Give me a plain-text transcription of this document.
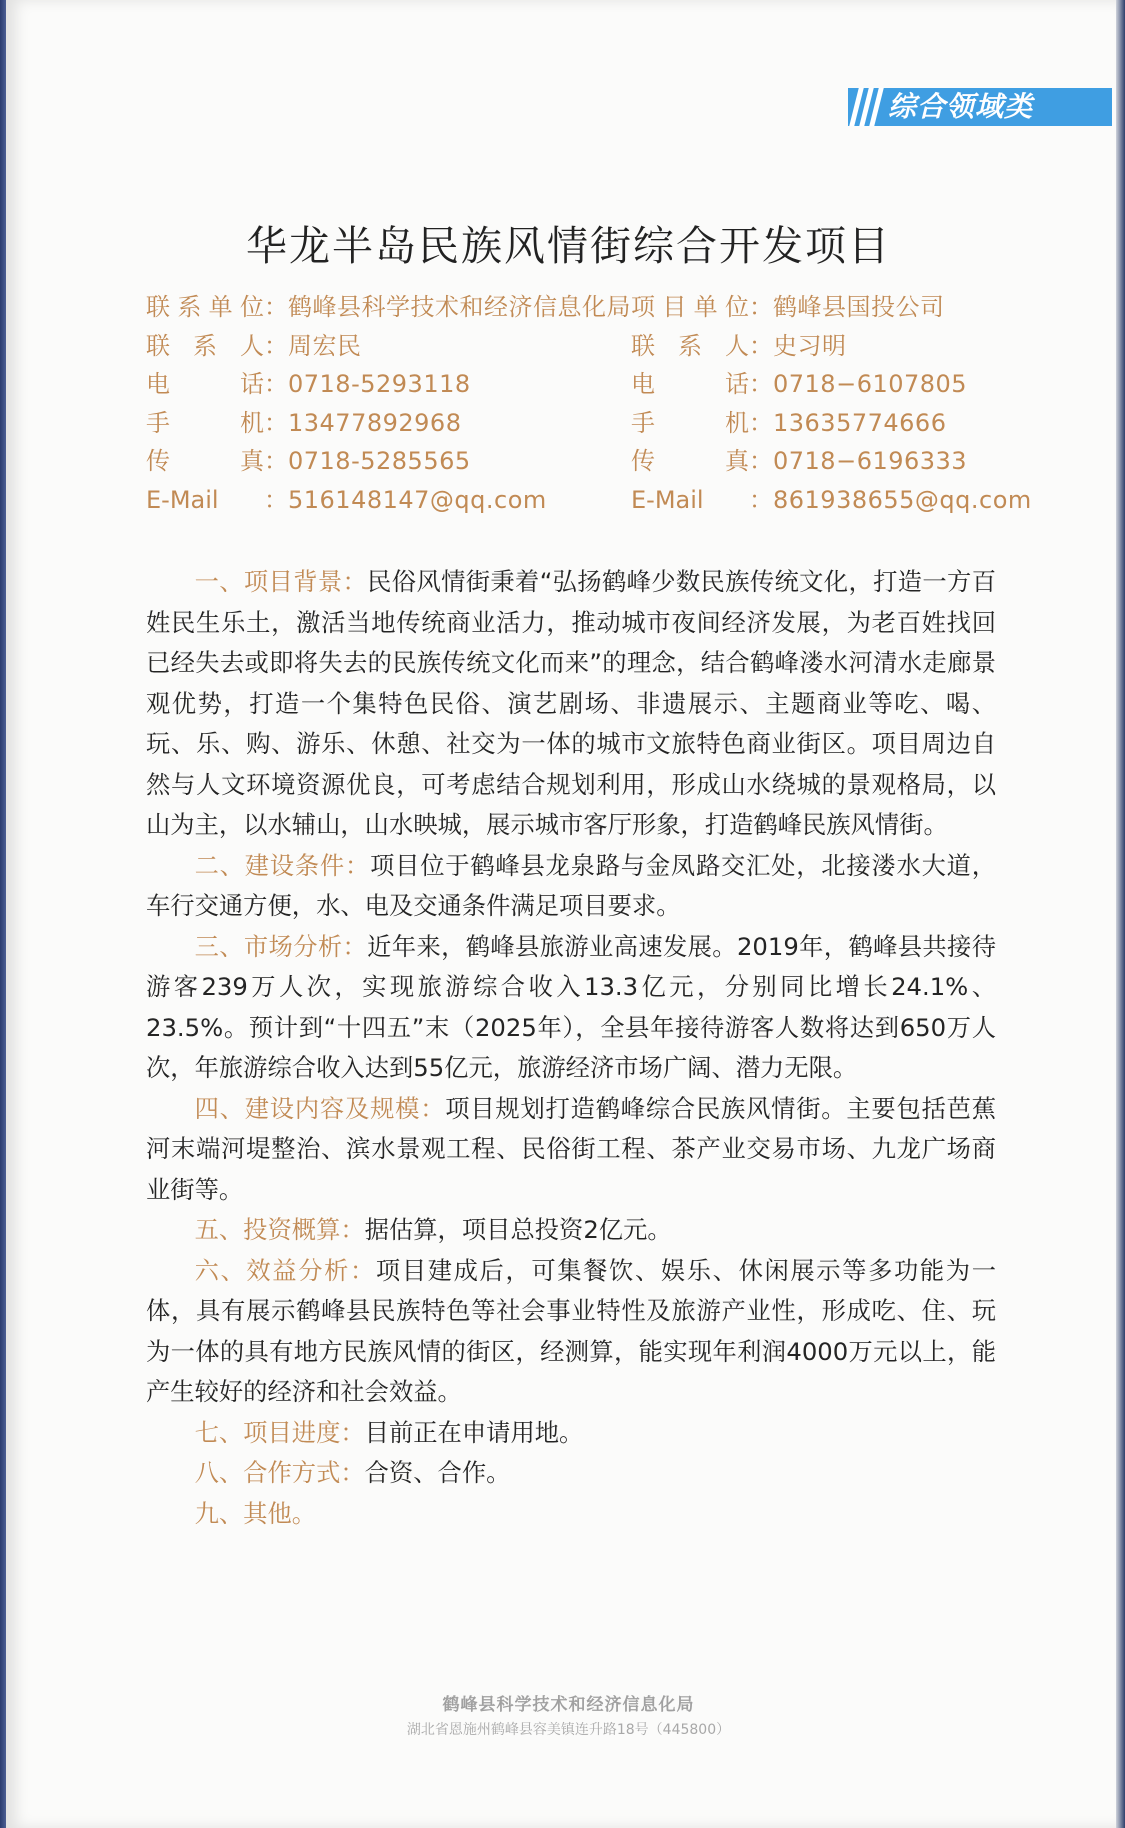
综合领域类
华龙半岛民族风情街综合开发项目
联系单位：鹤峰县科学技术和经济信息化局
联系人：周宏民
电话：0718-5293118
手机：13477892968
传真：0718-5285565
E-Mail ：516148147@qq.com
项目单位：鹤峰县国投公司
联系人：史习明
电话：0718−6107805
手机：13635774666
传真：0718−6196333
E-Mail ：861938655@qq.com

一、项目背景：民俗风情街秉着“弘扬鹤峰少数民族传统文化，打造一方百姓民生乐土，激活当地传统商业活力，推动城市夜间经济发展，为老百姓找回已经失去或即将失去的民族传统文化而来”的理念，结合鹤峰溇水河清水走廊景观优势，打造一个集特色民俗、演艺剧场、非遗展示、主题商业等吃、喝、玩、乐、购、游乐、休憩、社交为一体的城市文旅特色商业街区。项目周边自然与人文环境资源优良，可考虑结合规划利用，形成山水绕城的景观格局，以山为主，以水辅山，山水映城，展示城市客厅形象，打造鹤峰民族风情街。

二、建设条件：项目位于鹤峰县龙泉路与金凤路交汇处，北接溇水大道，车行交通方便，水、电及交通条件满足项目要求。

三、市场分析：近年来，鹤峰县旅游业高速发展。2019年，鹤峰县共接待游客239万人次，实现旅游综合收入13.3亿元，分别同比增长24.1%、23.5%。预计到“十四五”末（2025年），全县年接待游客人数将达到650万人次，年旅游综合收入达到55亿元，旅游经济市场广阔、潜力无限。

四、建设内容及规模：项目规划打造鹤峰综合民族风情街。主要包括芭蕉河末端河堤整治、滨水景观工程、民俗街工程、茶产业交易市场、九龙广场商业街等。

五、投资概算：据估算，项目总投资2亿元。

六、效益分析：项目建成后，可集餐饮、娱乐、休闲展示等多功能为一体，具有展示鹤峰县民族特色等社会事业特性及旅游产业性，形成吃、住、玩为一体的具有地方民族风情的街区，经测算，能实现年利润4000万元以上，能产生较好的经济和社会效益。

七、项目进度：目前正在申请用地。

八、合作方式：合资、合作。

九、其他。

鹤峰县科学技术和经济信息化局
湖北省恩施州鹤峰县容美镇连升路18号（445800）
